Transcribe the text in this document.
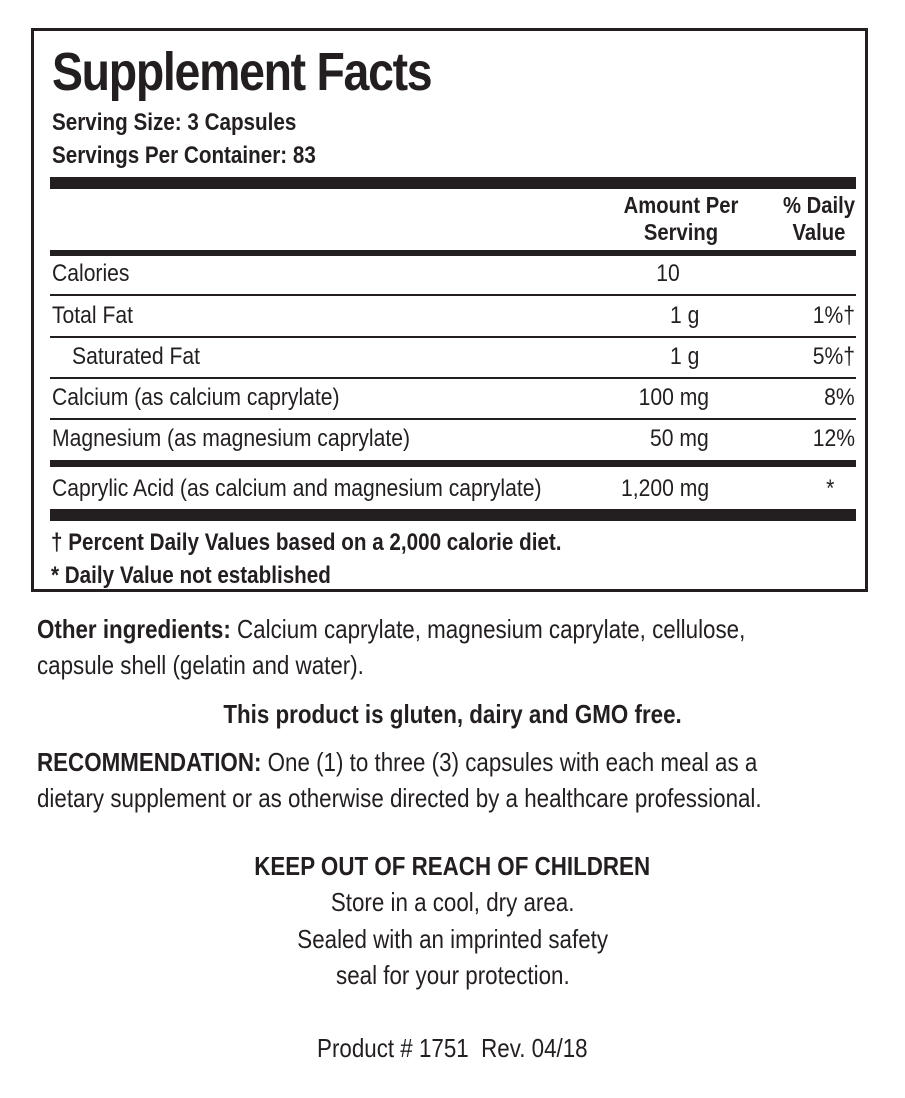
Supplement Facts
Serving Size: 3 Capsules
Servings Per Container: 83
Amount Per
Serving
% Daily
Value
Calories	10
Total Fat	1 g	1%†
Saturated Fat	1 g	5%†
Calcium (as calcium caprylate)	100 mg	8%
Magnesium (as magnesium caprylate)	50 mg	12%
Caprylic Acid (as calcium and magnesium caprylate)	1,200 mg	*
† Percent Daily Values based on a 2,000 calorie diet.
* Daily Value not established
Other ingredients: Calcium caprylate, magnesium caprylate, cellulose,
capsule shell (gelatin and water).
This product is gluten, dairy and GMO free.
RECOMMENDATION: One (1) to three (3) capsules with each meal as a
dietary supplement or as otherwise directed by a healthcare professional.
KEEP OUT OF REACH OF CHILDREN
Store in a cool, dry area.
Sealed with an imprinted safety
seal for your protection.
Product # 1751  Rev. 04/18
